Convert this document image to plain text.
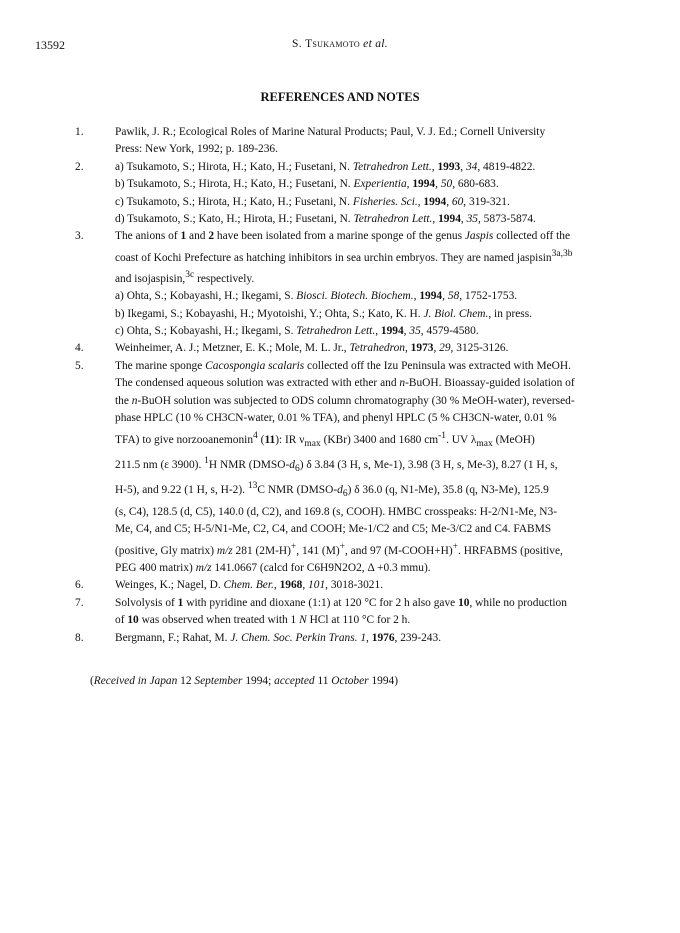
13592	S. Tsukamoto et al.
REFERENCES AND NOTES
1.	Pawlik, J. R.; Ecological Roles of Marine Natural Products; Paul, V. J. Ed.; Cornell University
Press: New York, 1992; p. 189-236.
2.	a) Tsukamoto, S.; Hirota, H.; Kato, H.; Fusetani, N. Tetrahedron Lett., 1993, 34, 4819-4822.
b) Tsukamoto, S.; Hirota, H.; Kato, H.; Fusetani, N. Experientia, 1994, 50, 680-683.
c) Tsukamoto, S.; Hirota, H.; Kato, H.; Fusetani, N. Fisheries. Sci., 1994, 60, 319-321.
d) Tsukamoto, S.; Kato, H.; Hirota, H.; Fusetani, N. Tetrahedron Lett., 1994, 35, 5873-5874.
3.	The anions of 1 and 2 have been isolated from a marine sponge of the genus Jaspis collected off the
coast of Kochi Prefecture as hatching inhibitors in sea urchin embryos. They are named jaspisin$^{3a,3b}$
and isojaspisin,$^{3c}$ respectively.
a) Ohta, S.; Kobayashi, H.; Ikegami, S. Biosci. Biotech. Biochem., 1994, 58, 1752-1753.
b) Ikegami, S.; Kobayashi, H.; Myotoishi, Y.; Ohta, S.; Kato, K. H. J. Biol. Chem., in press.
c) Ohta, S.; Kobayashi, H.; Ikegami, S. Tetrahedron Lett., 1994, 35, 4579-4580.
4.	Weinheimer, A. J.; Metzner, E. K.; Mole, M. L. Jr., Tetrahedron, 1973, 29, 3125-3126.
5.	The marine sponge Cacospongia scalaris collected off the Izu Peninsula was extracted with MeOH.
The condensed aqueous solution was extracted with ether and n-BuOH. Bioassay-guided isolation of
the n-BuOH solution was subjected to ODS column chromatography (30 % MeOH-water), reversed-
phase HPLC (10 % CH3CN-water, 0.01 % TFA), and phenyl HPLC (5 % CH3CN-water, 0.01 %
TFA) to give norzooanemonin$^4$ (11): IR $\nu_{max}$ (KBr) 3400 and 1680 $cm^{-1}$. UV $\lambda_{max}$ (MeOH)
211.5 nm (ε 3900). $^1$H NMR $(DMSO-d_6)$ δ 3.84 (3 H, s, Me-1), 3.98 (3 H, s, Me-3), 8.27 (1 H, s,
H-5), and 9.22 (1 H, s, H-2). $^{13}$C NMR $(DMSO-d_6)$ δ 36.0 (q, N1-Me), 35.8 (q, N3-Me), 125.9
(s, C4), 128.5 (d, C5), 140.0 (d, C2), and 169.8 (s, COOH). HMBC crosspeaks: H-2/N1-Me, N3-
Me, C4, and C5; H-5/N1-Me, C2, C4, and COOH; Me-1/C2 and C5; Me-3/C2 and C4. FABMS
(positive, Gly matrix) m/z 281 (2M-H)+, 141 (M)+, and 97 (M-COOH+H)+. HRFABMS (positive,
PEG 400 matrix) m/z 141.0667 (calcd for C6H9N2O2, Δ +0.3 mmu).
6.	Weinges, K.; Nagel, D. Chem. Ber., 1968, 101, 3018-3021.
7.	Solvolysis of 1 with pyridine and dioxane (1:1) at 120 °C for 2 h also gave 10, while no production
of 10 was observed when treated with 1 N HCl at 110 °C for 2 h.
8.	Bergmann, F.; Rahat, M. J. Chem. Soc. Perkin Trans. 1, 1976, 239-243.
(Received in Japan 12 September 1994; accepted 11 October 1994)
